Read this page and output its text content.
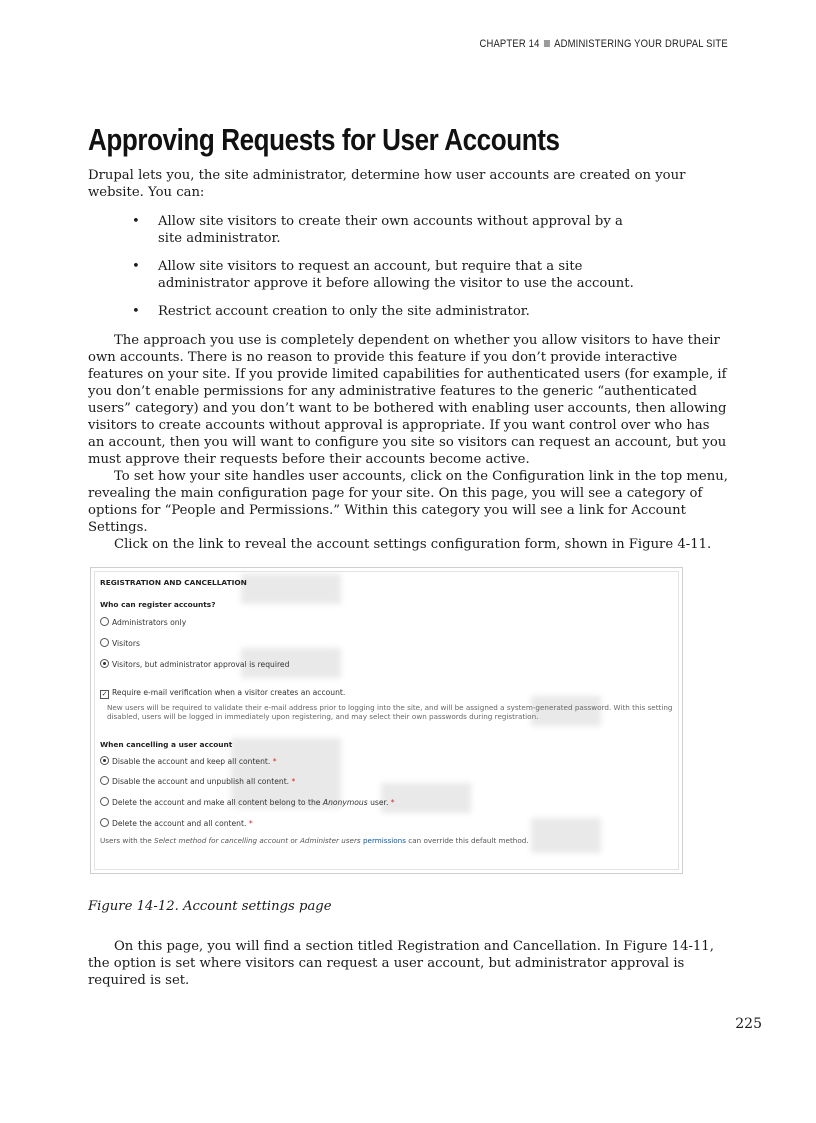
CHAPTER 14 ADMINISTERING YOUR DRUPAL SITE
Approving Requests for User Accounts
Drupal lets you, the site administrator, determine how user accounts are created on your website. You can:
• Allow site visitors to create their own accounts without approval by a site administrator.
• Allow site visitors to request an account, but require that a site administrator approve it before allowing the visitor to use the account.
• Restrict account creation to only the site administrator.

The approach you use is completely dependent on whether you allow visitors to have their own accounts. There is no reason to provide this feature if you don’t provide interactive features on your site. If you provide limited capabilities for authenticated users (for example, if you don’t enable permissions for any administrative features to the generic “authenticated users” category) and you don’t want to be bothered with enabling user accounts, then allowing visitors to create accounts without approval is appropriate. If you want control over who has an account, then you will want to configure you site so visitors can request an account, but you must approve their requests before their accounts become active.

To set how your site handles user accounts, click on the Configuration link in the top menu, revealing the main configuration page for your site. On this page, you will see a category of options for “People and Permissions.” Within this category you will see a link for Account Settings.

Click on the link to reveal the account settings configuration form, shown in Figure 4-11.

REGISTRATION AND CANCELLATION
Who can register accounts?
Administrators only
Visitors
Visitors, but administrator approval is required
✓ Require e-mail verification when a visitor creates an account.
New users will be required to validate their e-mail address prior to logging into the site, and will be assigned a system-generated password. With this setting disabled, users will be logged in immediately upon registering, and may select their own passwords during registration.
When cancelling a user account
Disable the account and keep all content. *
Disable the account and unpublish all content. *
Delete the account and make all content belong to the Anonymous user. *
Delete the account and all content. *
Users with the Select method for cancelling account or Administer users permissions can override this default method.
Figure 14-12. Account settings page

On this page, you will find a section titled Registration and Cancellation. In Figure 14-11, the option is set where visitors can request a user account, but administrator approval is required is set.

225
